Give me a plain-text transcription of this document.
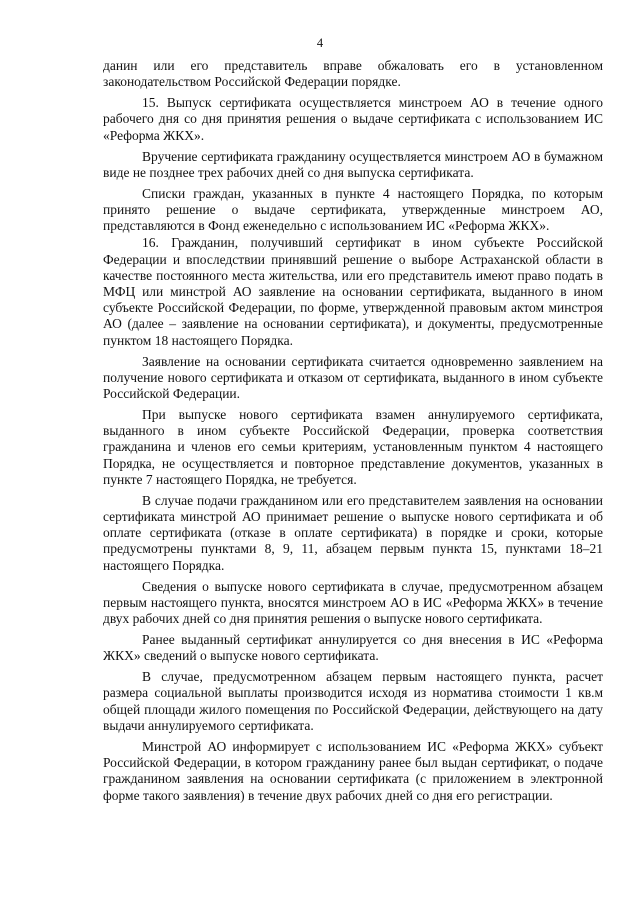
4

данин или его представитель вправе обжаловать его в установленном законодательством Российской Федерации порядке.

15. Выпуск сертификата осуществляется минстроем АО в течение одного рабочего дня со дня принятия решения о выдаче сертификата с использованием ИС «Реформа ЖКХ».

Вручение сертификата гражданину осуществляется минстроем АО в бумажном виде не позднее трех рабочих дней со дня выпуска сертификата.

Списки граждан, указанных в пункте 4 настоящего Порядка, по которым принято решение о выдаче сертификата, утвержденные минстроем АО, представляются в Фонд еженедельно с использованием ИС «Реформа ЖКХ».

16. Гражданин, получивший сертификат в ином субъекте Российской Федерации и впоследствии принявший решение о выборе Астраханской области в качестве постоянного места жительства, или его представитель имеют право подать в МФЦ или минстрой АО заявление на основании сертификата, выданного в ином субъекте Российской Федерации, по форме, утвержденной правовым актом минстроя АО (далее – заявление на основании сертификата), и документы, предусмотренные пунктом 18 настоящего Порядка.

Заявление на основании сертификата считается одновременно заявлением на получение нового сертификата и отказом от сертификата, выданного в ином субъекте Российской Федерации.

При выпуске нового сертификата взамен аннулируемого сертификата, выданного в ином субъекте Российской Федерации, проверка соответствия гражданина и членов его семьи критериям, установленным пунктом 4 настоящего Порядка, не осуществляется и повторное представление документов, указанных в пункте 7 настоящего Порядка, не требуется.

В случае подачи гражданином или его представителем заявления на основании сертификата минстрой АО принимает решение о выпуске нового сертификата и об оплате сертификата (отказе в оплате сертификата) в порядке и сроки, которые предусмотрены пунктами 8, 9, 11, абзацем первым пункта 15, пунктами 18–21 настоящего Порядка.

Сведения о выпуске нового сертификата в случае, предусмотренном абзацем первым настоящего пункта, вносятся минстроем АО в ИС «Реформа ЖКХ» в течение двух рабочих дней со дня принятия решения о выпуске нового сертификата.

Ранее выданный сертификат аннулируется со дня внесения в ИС «Реформа ЖКХ» сведений о выпуске нового сертификата.

В случае, предусмотренном абзацем первым настоящего пункта, расчет размера социальной выплаты производится исходя из норматива стоимости 1 кв.м общей площади жилого помещения по Российской Федерации, действующего на дату выдачи аннулируемого сертификата.

Минстрой АО информирует с использованием ИС «Реформа ЖКХ» субъект Российской Федерации, в котором гражданину ранее был выдан сертификат, о подаче гражданином заявления на основании сертификата (с приложением в электронной форме такого заявления) в течение двух рабочих дней со дня его регистрации.
